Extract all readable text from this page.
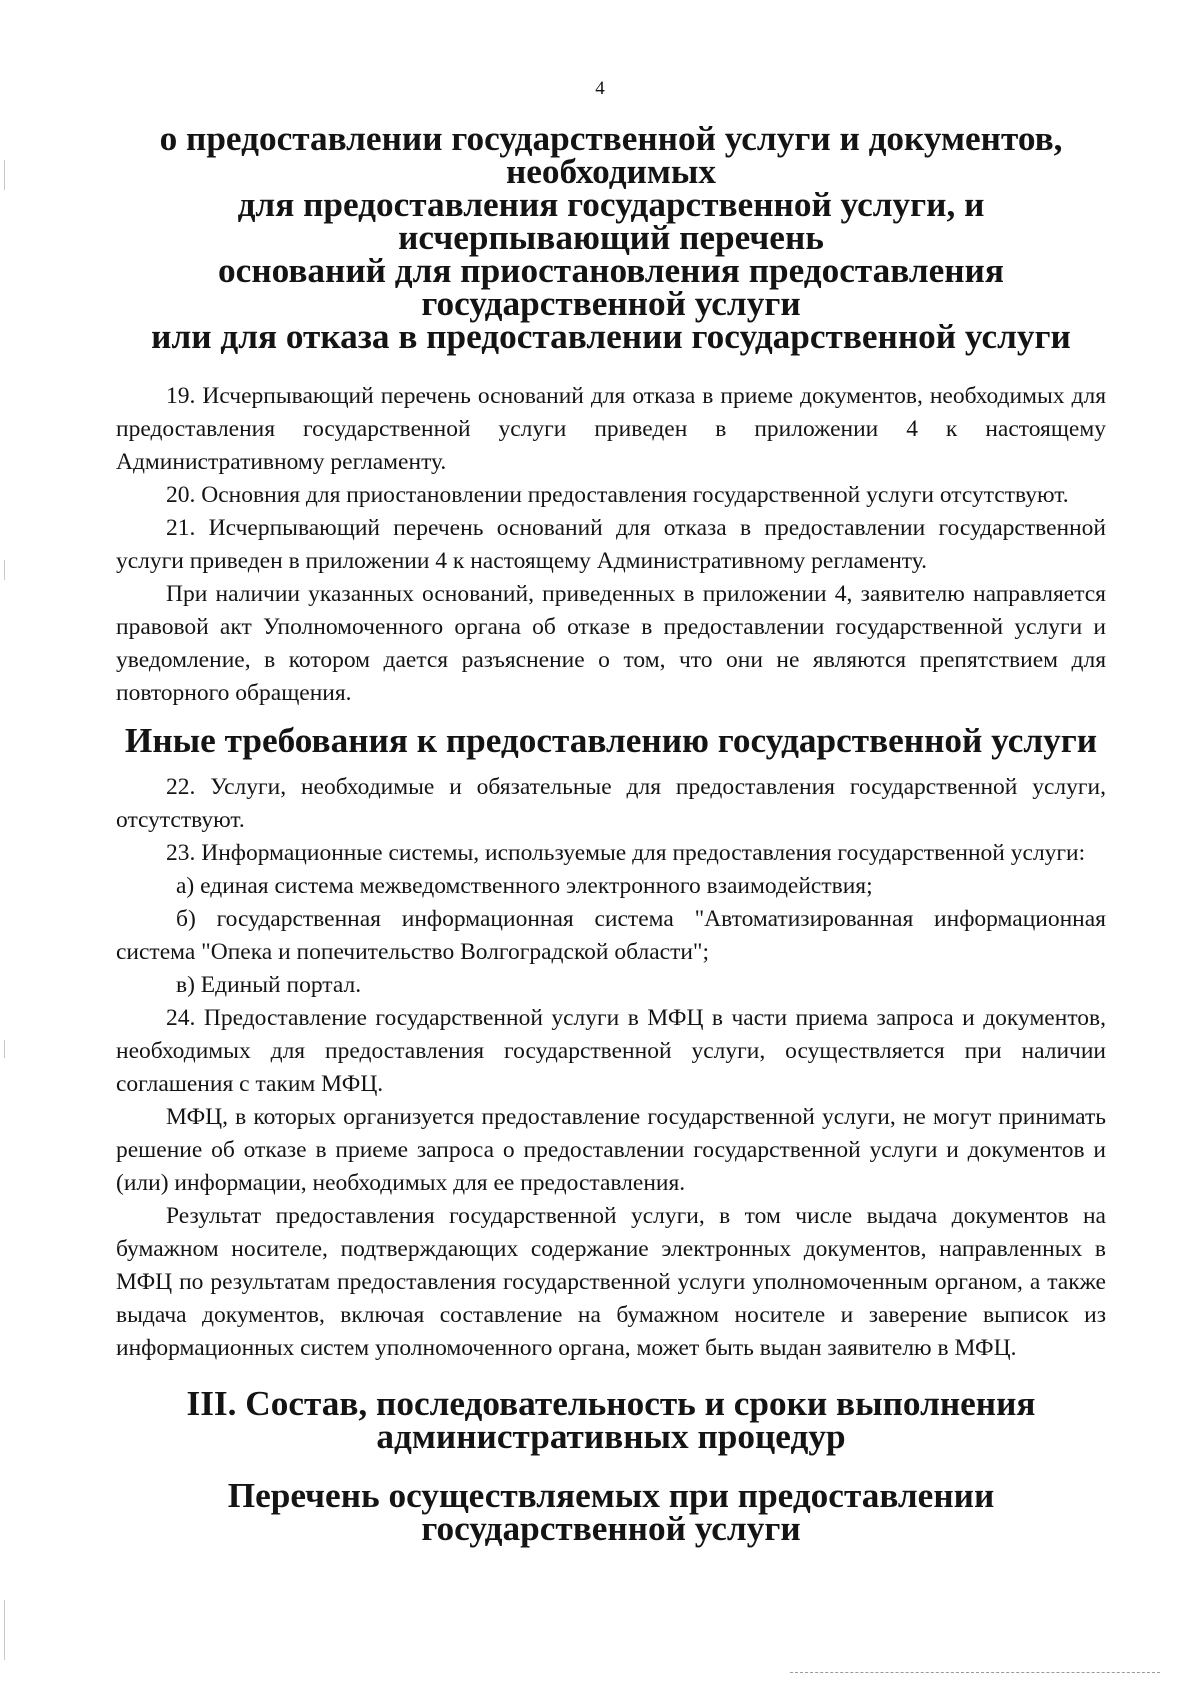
4
о предоставлении государственной услуги и документов, необходимых
для предоставления государственной услуги, и исчерпывающий перечень
оснований для приостановления предоставления государственной услуги
или для отказа в предоставлении государственной услуги

19. Исчерпывающий перечень оснований для отказа в приеме документов, необходимых для предоставления государственной услуги приведен в приложении 4 к настоящему Административному регламенту.

20. Основния для приостановлении предоставления государственной услуги отсутствуют.

21. Исчерпывающий перечень оснований для отказа в предоставлении государственной услуги приведен в приложении 4 к настоящему Административному регламенту.

При наличии указанных оснований, приведенных в приложении 4, заявителю направляется правовой акт Уполномоченного органа об отказе в предоставлении государственной услуги и уведомление, в котором дается разъяснение о том, что они не являются препятствием для повторного обращения.

Иные требования к предоставлению государственной услуги

22. Услуги, необходимые и обязательные для предоставления государственной услуги, отсутствуют.

23. Информационные системы, используемые для предоставления государственной услуги:

а) единая система межведомственного электронного взаимодействия;

б) государственная информационная система "Автоматизированная информационная система "Опека и попечительство Волгоградской области";

в) Единый портал.

24. Предоставление государственной услуги в МФЦ в части приема запроса и документов, необходимых для предоставления государственной услуги, осуществляется при наличии соглашения с таким МФЦ.

МФЦ, в которых организуется предоставление государственной услуги, не могут принимать решение об отказе в приеме запроса о предоставлении государственной услуги и документов и (или) информации, необходимых для ее предоставления.

Результат предоставления государственной услуги, в том числе выдача документов на бумажном носителе, подтверждающих содержание электронных документов, направленных в МФЦ по результатам предоставления государственной услуги уполномоченным органом, а также выдача документов, включая составление на бумажном носителе и заверение выписок из информационных систем уполномоченного органа, может быть выдан заявителю в МФЦ.

III. Состав, последовательность и сроки выполнения
административных процедур
Перечень осуществляемых при предоставлении государственной услуги
